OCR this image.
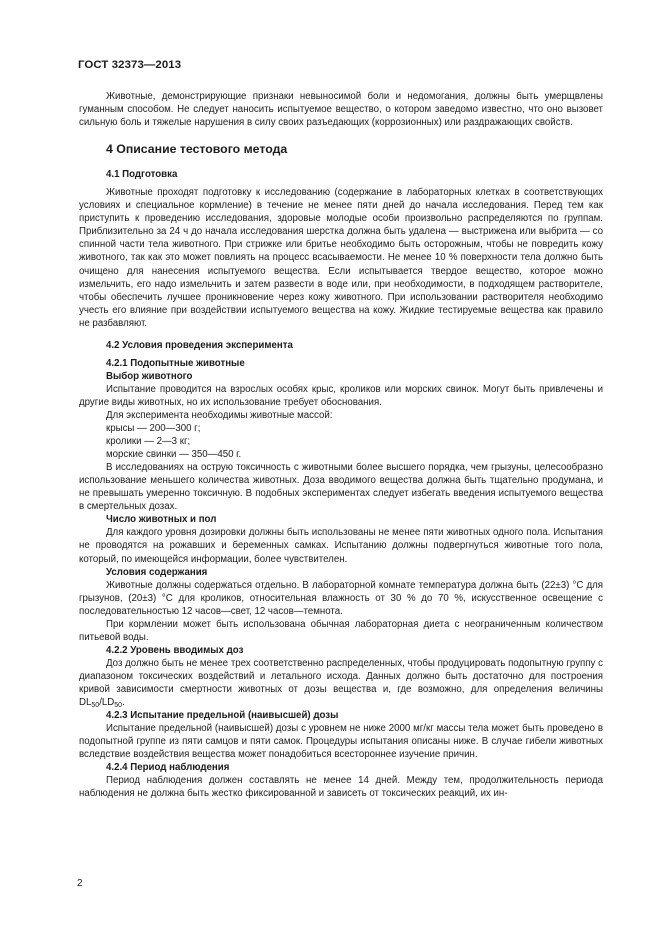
ГОСТ 32373—2013

Животные, демонстрирующие признаки невыносимой боли и недомогания, должны быть умерщвлены гуманным способом. Не следует наносить испытуемое вещество, о котором заведомо известно, что оно вызовет сильную боль и тяжелые нарушения в силу своих разъедающих (коррозионных) или раздражающих свойств.

4 Описание тестового метода

4.1 Подготовка

Животные проходят подготовку к исследованию (содержание в лабораторных клетках в соответствующих условиях и специальное кормление) в течение не менее пяти дней до начала исследования. Перед тем как приступить к проведению исследования, здоровые молодые особи произвольно распределяются по группам. Приблизительно за 24 ч до начала исследования шерстка должна быть удалена — выстрижена или выбрита — со спинной части тела животного. При стрижке или бритье необходимо быть осторожным, чтобы не повредить кожу животного, так как это может повлиять на процесс всасываемости. Не менее 10 % поверхности тела должно быть очищено для нанесения испытуемого вещества. Если испытывается твердое вещество, которое можно измельчить, его надо измельчить и затем развести в воде или, при необходимости, в подходящем растворителе, чтобы обеспечить лучшее проникновение через кожу животного. При использовании растворителя необходимо учесть его влияние при воздействии испытуемого вещества на кожу. Жидкие тестируемые вещества как правило не разбавляют.

4.2 Условия проведения эксперимента

4.2.1 Подопытные животные

Выбор животного

Испытание проводится на взрослых особях крыс, кроликов или морских свинок. Могут быть привлечены и другие виды животных, но их использование требует обоснования.

Для эксперимента необходимы животные массой:

крысы — 200—300 г;

кролики — 2—3 кг;

морские свинки — 350—450 г.

В исследованиях на острую токсичность с животными более высшего порядка, чем грызуны, целесообразно использование меньшего количества животных. Доза вводимого вещества должна быть тщательно продумана, и не превышать умеренно токсичную. В подобных экспериментах следует избегать введения испытуемого вещества в смертельных дозах.

Число животных и пол

Для каждого уровня дозировки должны быть использованы не менее пяти животных одного пола. Испытания не проводятся на рожавших и беременных самках. Испытанию должны подвергнуться животные того пола, который, по имеющейся информации, более чувствителен.

Условия содержания

Животные должны содержаться отдельно. В лабораторной комнате температура должна быть (22±3) °С для грызунов, (20±3) °С для кроликов, относительная влажность от 30 % до 70 %, искусственное освещение с последовательностью 12 часов—свет, 12 часов—темнота.

При кормлении может быть использована обычная лабораторная диета с неограниченным количеством питьевой воды.

4.2.2 Уровень вводимых доз

Доз должно быть не менее трех соответственно распределенных, чтобы продуцировать подопытную группу с диапазоном токсических воздействий и летального исхода. Данных должно быть достаточно для построения кривой зависимости смертности животных от дозы вещества и, где возможно, для определения величины $DL_{50}/LD_{50}$.

4.2.3 Испытание предельной (наивысшей) дозы

Испытание предельной (наивысшей) дозы с уровнем не ниже 2000 мг/кг массы тела может быть проведено в подопытной группе из пяти самцов и пяти самок. Процедуры испытания описаны ниже. В случае гибели животных вследствие воздействия вещества может понадобиться всестороннее изучение причин.

4.2.4 Период наблюдения

Период наблюдения должен составлять не менее 14 дней. Между тем, продолжительность периода наблюдения не должна быть жестко фиксированной и зависеть от токсических реакций, их ин-

2
